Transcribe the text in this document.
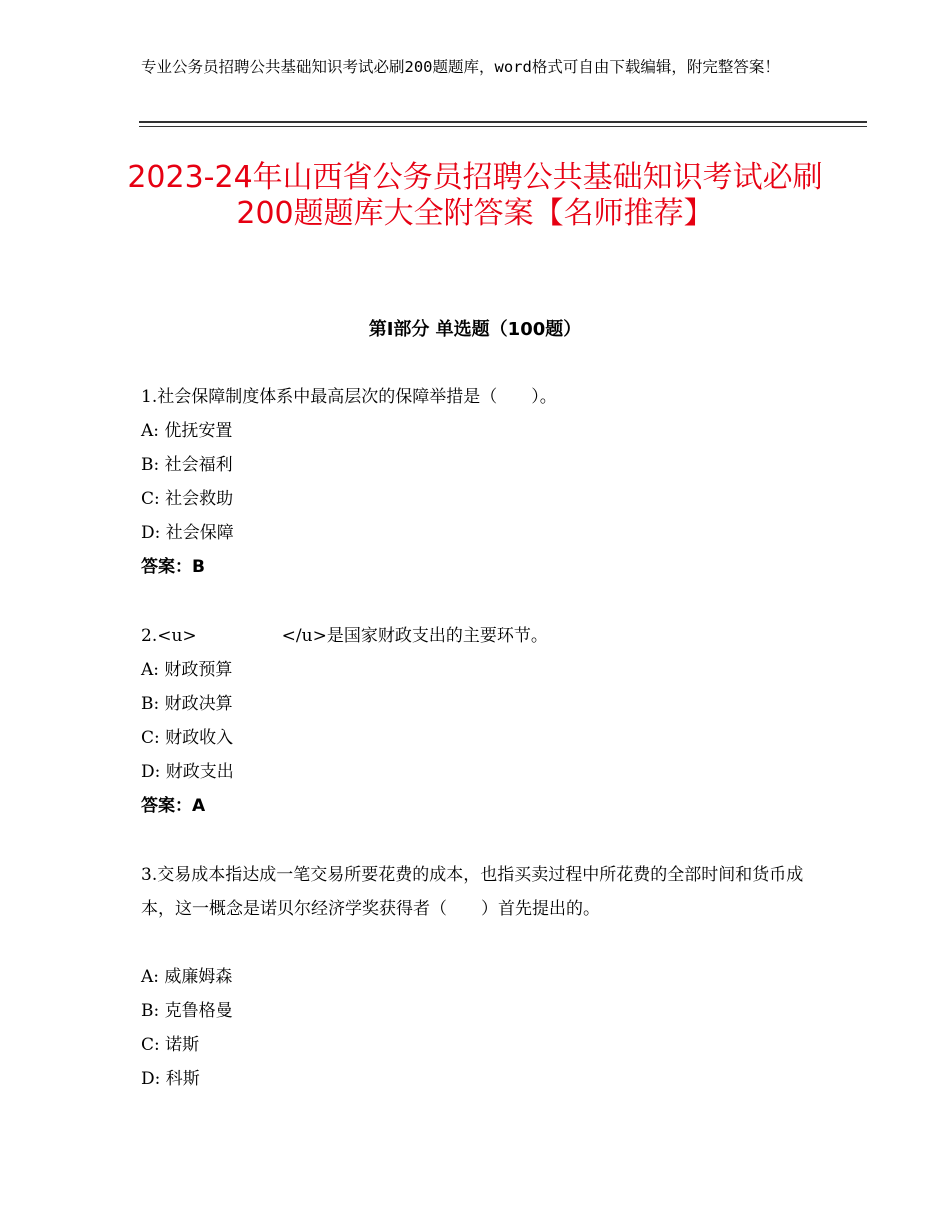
专业公务员招聘公共基础知识考试必刷200题题库，word格式可自由下载编辑，附完整答案！
2023-24年山西省公务员招聘公共基础知识考试必刷200题题库大全附答案【名师推荐】
第Ⅰ部分 单选题（100题）
1.社会保障制度体系中最高层次的保障举措是（　　）。
A: 优抚安置
B: 社会福利
C: 社会救助
D: 社会保障
答案：B
2.<u>　　　　　</u>是国家财政支出的主要环节。
A: 财政预算
B: 财政决算
C: 财政收入
D: 财政支出
答案：A
3.交易成本指达成一笔交易所要花费的成本，也指买卖过程中所花费的全部时间和货币成本，这一概念是诺贝尔经济学奖获得者（　　）首先提出的。
A: 威廉姆森
B: 克鲁格曼
C: 诺斯
D: 科斯
